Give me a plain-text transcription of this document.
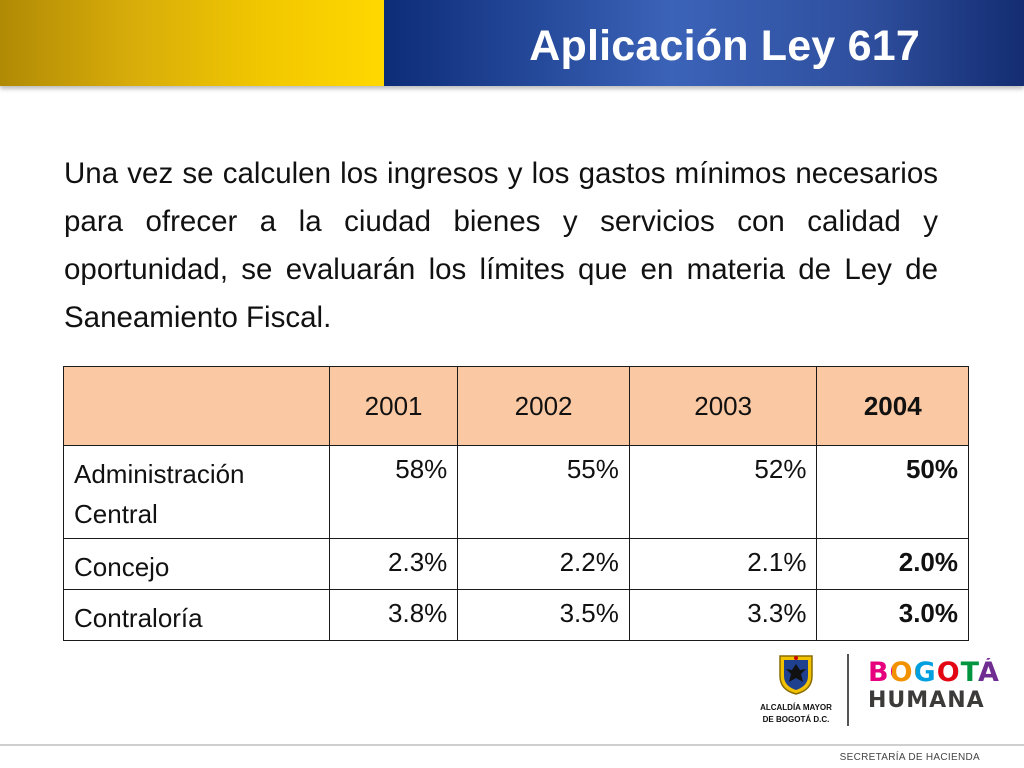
Aplicación Ley 617

Una vez se calculen los ingresos y los gastos mínimos necesarios para ofrecer a la ciudad bienes y servicios con calidad y oportunidad, se evaluarán los límites que en materia de Ley de Saneamiento Fiscal.

	2001	2002	2003	2004
Administración Central	58%	55%	52%	50%
Concejo	2.3%	2.2%	2.1%	2.0%
Contraloría	3.8%	3.5%	3.3%	3.0%
ALCALDÍA MAYOR
DE BOGOTÁ D.C.
BOGOTÁ
HUMANA
SECRETARÍA DE HACIENDA
